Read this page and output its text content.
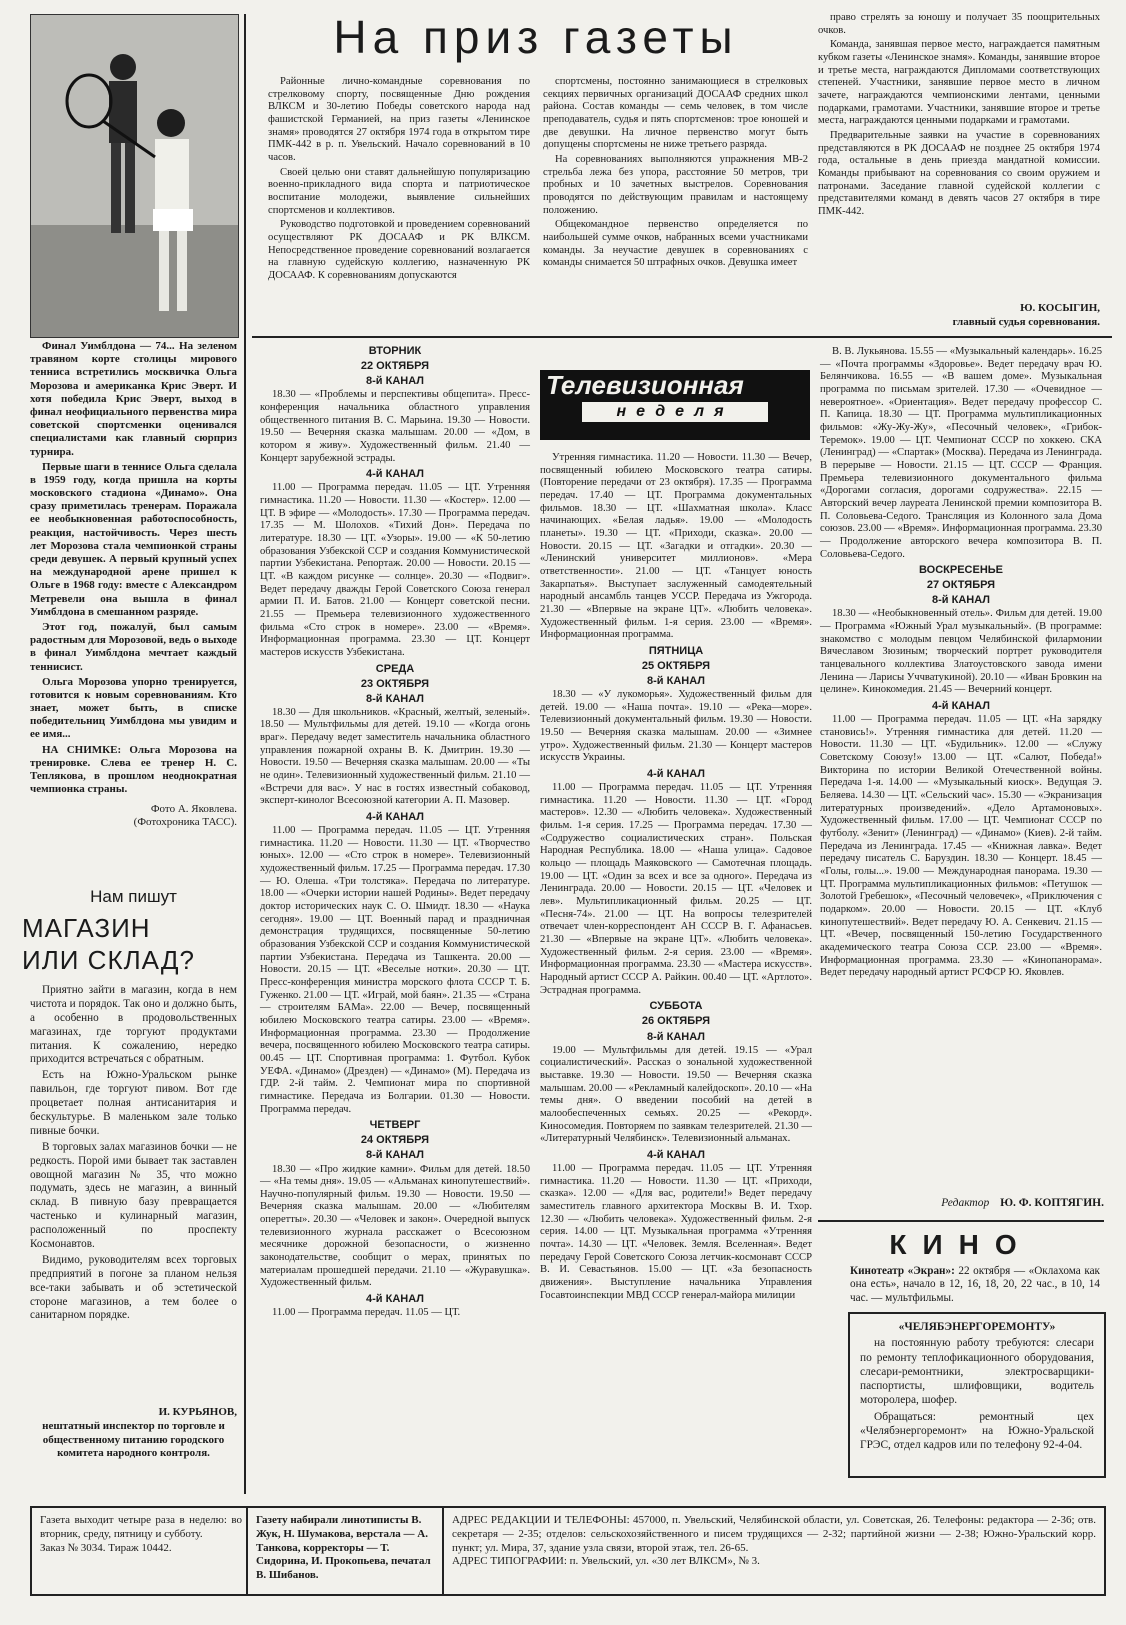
Финал Уимблдона — 74... На зеленом травяном корте столицы мирового тенниса встретились москвичка Ольга Морозова и американка Крис Эверт. И хотя победила Крис Эверт, выход в финал неофициального первенства мира советской спортсменки оценивался специалистами как главный сюрприз турнира.

Первые шаги в теннисе Ольга сделала в 1959 году, когда пришла на корты московского стадиона «Динамо». Она сразу приметилась тренерам. Поражала ее необыкновенная работоспособность, реакция, настойчивость. Через шесть лет Морозова стала чемпионкой страны среди девушек. А первый крупный успех на международной арене пришел к Ольге в 1968 году: вместе с Александром Метревели она вышла в финал Уимблдона в смешанном разряде.

Этот год, пожалуй, был самым радостным для Морозовой, ведь о выходе в финал Уимблдона мечтает каждый теннисист.

Ольга Морозова упорно тренируется, готовится к новым соревнованиям. Кто знает, может быть, в списке победительниц Уимблдона мы увидим и ее имя...

НА СНИМКЕ: Ольга Морозова на тренировке. Слева ее тренер Н. С. Теплякова, в прошлом неоднократная чемпионка страны.

Фото А. Яковлева.
(Фотохроника ТАСС).
Нам пишут
МАГАЗИН
ИЛИ СКЛАД?

Приятно зайти в магазин, когда в нем чистота и порядок. Так оно и должно быть, а особенно в продовольственных магазинах, где торгуют продуктами питания. К сожалению, нередко приходится встречаться с обратным.

Есть на Южно-Уральском рынке павильон, где торгуют пивом. Вот где процветает полная антисанитария и бескультурье. В маленьком зале только пивные бочки.

В торговых залах магазинов бочки — не редкость. Порой ими бывает так заставлен овощной магазин № 35, что можно подумать, здесь не магазин, а винный склад. В пивную базу превращается частенько и кулинарный магазин, расположенный по проспекту Космонавтов.

Видимо, руководителям всех торговых предприятий в погоне за планом нельзя все-таки забывать и об эстетической стороне магазинов, а тем более о санитарном порядке.

И. КУРЬЯНОВ,
нештатный инспектор по торговле и общественному питанию городского комитета народного контроля.
На приз газеты

Районные лично-командные соревнования по стрелковому спорту, посвященные Дню рождения ВЛКСМ и 30-летию Победы советского народа над фашистской Германией, на приз газеты «Ленинское знамя» проводятся 27 октября 1974 года в открытом тире ПМК-442 в р. п. Увельский. Начало соревнований в 10 часов.

Своей целью они ставят дальнейшую популяризацию военно-прикладного вида спорта и патриотическое воспитание молодежи, выявление сильнейших спортсменов и коллективов.

Руководство подготовкой и проведением соревнований осуществляют РК ДОСААФ и РК ВЛКСМ. Непосредственное проведение соревнований возлагается на главную судейскую коллегию, назначенную РК ДОСААФ. К соревнованиям допускаются

спортсмены, постоянно занимающиеся в стрелковых секциях первичных организаций ДОСААФ средних школ района. Состав команды — семь человек, в том числе преподаватель, судья и пять спортсменов: трое юношей и две девушки. На личное первенство могут быть допущены спортсмены не ниже третьего разряда.

На соревнованиях выполняются упражнения МВ-2 стрельба лежа без упора, расстояние 50 метров, три пробных и 10 зачетных выстрелов. Соревнования проводятся по действующим правилам и настоящему положению.

Общекомандное первенство определяется по наибольшей сумме очков, набранных всеми участниками команды. За неучастие девушек в соревнованиях с команды снимается 50 штрафных очков. Девушка имеет

право стрелять за юношу и получает 35 поощрительных очков.

Команда, занявшая первое место, награждается памятным кубком газеты «Ленинское знамя». Команды, занявшие второе и третье места, награждаются Дипломами соответствующих степеней. Участники, занявшие первое место в личном зачете, награждаются чемпионскими лентами, ценными подарками, грамотами. Участники, занявшие второе и третье места, награждаются ценными подарками и грамотами.

Предварительные заявки на участие в соревнованиях представляются в РК ДОСААФ не позднее 25 октября 1974 года, остальные в день приезда мандатной комиссии. Команды прибывают на соревнования со своим оружием и патронами. Заседание главной судейской коллегии с представителями команд в девять часов 27 октября в тире ПМК-442.

Ю. КОСЫГИН,
главный судья соревнования.
ВТОРНИК
22 ОКТЯБРЯ
8-й КАНАЛ

18.30 — «Проблемы и перспективы общепита». Пресс-конференция начальника областного управления общественного питания В. С. Марьина. 19.30 — Новости. 19.50 — Вечерняя сказка малышам. 20.00 — «Дом, в котором я живу». Художественный фильм. 21.40 — Концерт зарубежной эстрады.

4-й КАНАЛ

11.00 — Программа передач. 11.05 — ЦТ. Утренняя гимнастика. 11.20 — Новости. 11.30 — «Костер». 12.00 — ЦТ. В эфире — «Молодость». 17.30 — Программа передач. 17.35 — М. Шолохов. «Тихий Дон». Передача по литературе. 18.30 — ЦТ. «Узоры». 19.00 — «К 50-летию образования Узбекской ССР и создания Коммунистической партии Узбекистана. Репортаж. 20.00 — Новости. 20.15 — ЦТ. «В каждом рисунке — солнце». 20.30 — «Подвиг». Ведет передачу дважды Герой Советского Союза генерал армии П. И. Батов. 21.00 — Концерт советской песни. 21.55 — Премьера телевизионного художественного фильма «Сто строк в номере». 23.00 — «Время». Информационная программа. 23.30 — ЦТ. Концерт мастеров искусств Узбекистана.

СРЕДА
23 ОКТЯБРЯ
8-й КАНАЛ

18.30 — Для школьников. «Красный, желтый, зеленый». 18.50 — Мультфильмы для детей. 19.10 — «Когда огонь враг». Передачу ведет заместитель начальника областного управления пожарной охраны В. К. Дмитрин. 19.30 — Новости. 19.50 — Вечерняя сказка малышам. 20.00 — «Ты не один». Телевизионный художественный фильм. 21.10 — «Встречи для вас». У нас в гостях известный собаковод, эксперт-кинолог Всесоюзной категории А. П. Мазовер.

4-й КАНАЛ

11.00 — Программа передач. 11.05 — ЦТ. Утренняя гимнастика. 11.20 — Новости. 11.30 — ЦТ. «Творчество юных». 12.00 — «Сто строк в номере». Телевизионный художественный фильм. 17.25 — Программа передач. 17.30 — Ю. Олеша. «Три толстяка». Передача по литературе. 18.00 — «Очерки истории нашей Родины». Ведет передачу доктор исторических наук С. О. Шмидт. 18.30 — «Наука сегодня». 19.00 — ЦТ. Военный парад и праздничная демонстрация трудящихся, посвященные 50-летию образования Узбекской ССР и создания Коммунистической партии Узбекистана. Передача из Ташкента. 20.00 — Новости. 20.15 — ЦТ. «Веселые нотки». 20.30 — ЦТ. Пресс-конференция министра морского флота СССР Т. Б. Гуженко. 21.00 — ЦТ. «Играй, мой баян». 21.35 — «Страна — строителям БАМа». 22.00 — Вечер, посвященный юбилею Московского театра сатиры. 23.00 — «Время». Информационная программа. 23.30 — Продолжение вечера, посвященного юбилею Московского театра сатиры. 00.45 — ЦТ. Спортивная программа: 1. Футбол. Кубок УЕФА. «Динамо» (Дрезден) — «Динамо» (М). Передача из ГДР. 2-й тайм. 2. Чемпионат мира по спортивной гимнастике. Передача из Болгарии. 01.30 — Новости. Программа передач.

ЧЕТВЕРГ
24 ОКТЯБРЯ
8-й КАНАЛ

18.30 — «Про жидкие камни». Фильм для детей. 18.50 — «На темы дня». 19.05 — «Альманах кинопутешествий». Научно-популярный фильм. 19.30 — Новости. 19.50 — Вечерняя сказка малышам. 20.00 — «Любителям оперетты». 20.30 — «Человек и закон». Очередной выпуск телевизионного журнала расскажет о Всесоюзном месячнике дорожной безопасности, о жизненно законодательстве, сообщит о мерах, принятых по материалам прошедшей передачи. 21.10 — «Журавушка». Художественный фильм.

4-й КАНАЛ

11.00 — Программа передач. 11.05 — ЦТ.

Телевизионная
неделя

Утренняя гимнастика. 11.20 — Новости. 11.30 — Вечер, посвященный юбилею Московского театра сатиры. (Повторение передачи от 23 октября). 17.35 — Программа передач. 17.40 — ЦТ. Программа документальных фильмов. 18.30 — ЦТ. «Шахматная школа». Класс начинающих. «Белая ладья». 19.00 — «Молодость планеты». 19.30 — ЦТ. «Приходи, сказка». 20.00 — Новости. 20.15 — ЦТ. «Загадки и отгадки». 20.30 — «Ленинский университет миллионов». «Мера ответственности». 21.00 — ЦТ. «Танцует юность Закарпатья». Выступает заслуженный самодеятельный народный ансамбль танцев УССР. Передача из Ужгорода. 21.30 — «Впервые на экране ЦТ». «Любить человека». Художественный фильм. 1-я серия. 23.00 — «Время». Информационная программа.

ПЯТНИЦА
25 ОКТЯБРЯ
8-й КАНАЛ

18.30 — «У лукоморья». Художественный фильм для детей. 19.00 — «Наша почта». 19.10 — «Река—море». Телевизионный документальный фильм. 19.30 — Новости. 19.50 — Вечерняя сказка малышам. 20.00 — «Зимнее утро». Художественный фильм. 21.30 — Концерт мастеров искусств Украины.

4-й КАНАЛ

11.00 — Программа передач. 11.05 — ЦТ. Утренняя гимнастика. 11.20 — Новости. 11.30 — ЦТ. «Город мастеров». 12.30 — «Любить человека». Художественный фильм. 1-я серия. 17.25 — Программа передач. 17.30 — «Содружество социалистических стран». Польская Народная Республика. 18.00 — «Наша улица». Садовое кольцо — площадь Маяковского — Самотечная площадь. 19.00 — ЦТ. «Один за всех и все за одного». Передача из Ленинграда. 20.00 — Новости. 20.15 — ЦТ. «Человек и лев». Мультипликационный фильм. 20.25 — ЦТ. «Песня-74». 21.00 — ЦТ. На вопросы телезрителей отвечает член-корреспондент АН СССР В. Г. Афанасьев. 21.30 — «Впервые на экране ЦТ». «Любить человека». Художественный фильм. 2-я серия. 23.00 — «Время». Информационная программа. 23.30 — «Мастера искусств». Народный артист СССР А. Райкин. 00.40 — ЦТ. «Артлото». Эстрадная программа.

СУББОТА
26 ОКТЯБРЯ
8-й КАНАЛ

19.00 — Мультфильмы для детей. 19.15 — «Урал социалистический». Рассказ о зональной художественной выставке. 19.30 — Новости. 19.50 — Вечерняя сказка малышам. 20.00 — «Рекламный калейдоскоп». 20.10 — «На темы дня». О введении пособий на детей в малообеспеченных семьях. 20.25 — «Рекорд». Киносомедия. Повторяем по заявкам телезрителей. 21.30 — «Литературный Челябинск». Телевизионный альманах.

4-й КАНАЛ

11.00 — Программа передач. 11.05 — ЦТ. Утренняя гимнастика. 11.20 — Новости. 11.30 — ЦТ. «Приходи, сказка». 12.00 — «Для вас, родители!» Ведет передачу заместитель главного архитектора Москвы В. И. Тхор. 12.30 — «Любить человека». Художественный фильм. 2-я серия. 14.00 — ЦТ. Музыкальная программа «Утренняя почта». 14.30 — ЦТ. «Человек. Земля. Вселенная». Ведет передачу Герой Советского Союза летчик-космонавт СССР В. И. Севастьянов. 15.00 — ЦТ. «За безопасность движения». Выступление начальника Управления Госавтоинспекции МВД СССР генерал-майора милиции

В. В. Лукьянова. 15.55 — «Музыкальный календарь». 16.25 — «Почта программы «Здоровье». Ведет передачу врач Ю. Белянчикова. 16.55 — «В вашем доме». Музыкальная программа по письмам зрителей. 17.30 — «Очевидное — невероятное». «Ориентация». Ведет передачу профессор С. П. Капица. 18.30 — ЦТ. Программа мультипликационных фильмов: «Жу-Жу-Жу», «Песочный человек», «Грибок-Теремок». 19.00 — ЦТ. Чемпионат СССР по хоккею. СКА (Ленинград) — «Спартак» (Москва). Передача из Ленинграда. В перерыве — Новости. 21.15 — ЦТ. СССР — Франция. Премьера телевизионного документального фильма «Дорогами согласия, дорогами содружества». 22.15 — Авторский вечер лауреата Ленинской премии композитора В. П. Соловьева-Седого. Трансляция из Колонного зала Дома союзов. 23.00 — «Время». Информационная программа. 23.30 — Продолжение авторского вечера композитора В. П. Соловьева-Седого.

ВОСКРЕСЕНЬЕ
27 ОКТЯБРЯ
8-й КАНАЛ

18.30 — «Необыкновенный отель». Фильм для детей. 19.00 — Программа «Южный Урал музыкальный». (В программе: знакомство с молодым певцом Челябинской филармонии Вячеславом Зюзиным; творческий портрет руководителя танцевального коллектива Златоустовского завода имени Ленина — Ларисы Уччватукиной). 20.10 — «Иван Бровкин на целине». Кинокомедия. 21.45 — Вечерний концерт.

4-й КАНАЛ

11.00 — Программа передач. 11.05 — ЦТ. «На зарядку становись!». Утренняя гимнастика для детей. 11.20 — Новости. 11.30 — ЦТ. «Будильник». 12.00 — «Служу Советскому Союзу!» 13.00 — ЦТ. «Салют, Победа!» Викторина по истории Великой Отечественной войны. Передача 1-я. 14.00 — «Музыкальный киоск». Ведущая Э. Беляева. 14.30 — ЦТ. «Сельский час». 15.30 — «Экранизация литературных произведений». «Дело Артамоновых». Художественный фильм. 17.00 — ЦТ. Чемпионат СССР по футболу. «Зенит» (Ленинград) — «Динамо» (Киев). 2-й тайм. Передача из Ленинграда. 17.45 — «Книжная лавка». Ведет передачу писатель С. Баруздин. 18.30 — Концерт. 18.45 — «Голы, голы...». 19.00 — Международная панорама. 19.30 — ЦТ. Программа мультипликационных фильмов: «Петушок — Золотой Гребешок», «Песочный человечек», «Приключения с подарком». 20.00 — Новости. 20.15 — ЦТ. «Клуб кинопутешествий». Ведет передачу Ю. А. Сенкевич. 21.15 — ЦТ. «Вечер, посвященный 150-летию Государственного академического театра Союза ССР. 23.00 — «Время». Информационная программа. 23.30 — «Кинопанорама». Ведет передачу народный артист РСФСР Ю. Яковлев.

Редактор Ю. Ф. КОПТЯГИН.
КИНО
Кинотеатр «Экран»: 22 октября — «Оклахома как она есть», начало в 12, 16, 18, 20, 22 час., в 10, 14 час. — мультфильмы.
«ЧЕЛЯБЭНЕРГОРЕМОНТУ»

на постоянную работу требуются: слесари по ремонту теплофикационного оборудования, слесари-ремонтники, электросварщики-паспортисты, шлифовщики, водитель моторолера, шофер.

Обращаться: ремонтный цех «Челябэнергоремонт» на Южно-Уральской ГРЭС, отдел кадров или по телефону 92-4-04.

Газета выходит четыре раза в неделю: во вторник, среду, пятницу и субботу.
Заказ № 3034. Тираж 10442.
Газету набирали линотиписты В. Жук, Н. Шумакова, верстала — А. Танкова, корректоры — Т. Сидорина, И. Прокопьева, печатал В. Шибанов.
АДРЕС РЕДАКЦИИ И ТЕЛЕФОНЫ: 457000, п. Увельский, Челябинской области, ул. Советская, 26. Телефоны: редактора — 2-36; отв. секретаря — 2-35; отделов: сельскохозяйственного и писем трудящихся — 2-32; партийной жизни — 2-38; Южно-Уральский корр. пункт; ул. Мира, 37, здание узла связи, второй этаж, тел. 26-65.
АДРЕС ТИПОГРАФИИ: п. Увельский, ул. «30 лет ВЛКСМ», № 3.
